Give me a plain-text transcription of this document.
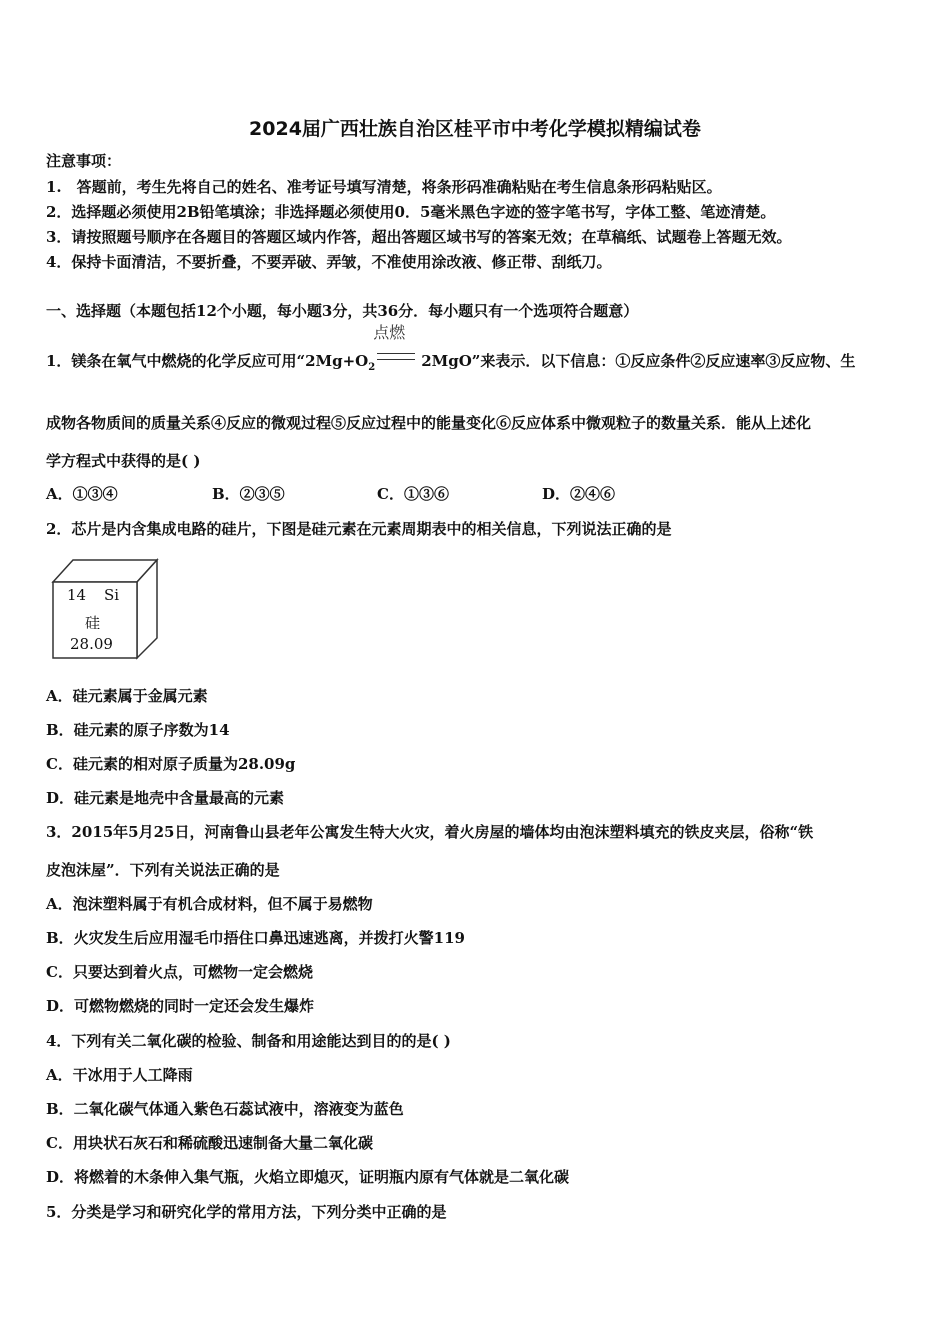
2024届广西壮族自治区桂平市中考化学模拟精编试卷
注意事项：
1.　答题前，考生先将自己的姓名、准考证号填写清楚，将条形码准确粘贴在考生信息条形码粘贴区。
2．选择题必须使用2B铅笔填涂；非选择题必须使用0．5毫米黑色字迹的签字笔书写，字体工整、笔迹清楚。
3．请按照题号顺序在各题目的答题区域内作答，超出答题区域书写的答案无效；在草稿纸、试题卷上答题无效。
4．保持卡面清洁，不要折叠，不要弄破、弄皱，不准使用涂改液、修正带、刮纸刀。
一、选择题（本题包括12个小题，每小题3分，共36分．每小题只有一个选项符合题意）
1．镁条在氧气中燃烧的化学反应可用“$2Mg+O_2$
点燃
2MgO”来表示．以下信息：①反应条件②反应速率③反应物、生
成物各物质间的质量关系④反应的微观过程⑤反应过程中的能量变化⑥反应体系中微观粒子的数量关系．能从上述化
学方程式中获得的是( )
A．①③④	B．②③⑤	C．①③⑥	D．②④⑥
2．芯片是内含集成电路的硅片，下图是硅元素在元素周期表中的相关信息，下列说法正确的是
14 Si
硅
28.09
A．硅元素属于金属元素
B．硅元素的原子序数为14
C．硅元素的相对原子质量为28.09g
D．硅元素是地壳中含量最高的元素
3．2015年5月25日，河南鲁山县老年公寓发生特大火灾，着火房屋的墙体均由泡沫塑料填充的铁皮夹层，俗称“铁
皮泡沫屋”．下列有关说法正确的是
A．泡沫塑料属于有机合成材料，但不属于易燃物
B．火灾发生后应用湿毛巾捂住口鼻迅速逃离，并拨打火警119
C．只要达到着火点，可燃物一定会燃烧
D．可燃物燃烧的同时一定还会发生爆炸
4．下列有关二氧化碳的检验、制备和用途能达到目的的是( )
A．干冰用于人工降雨
B．二氧化碳气体通入紫色石蕊试液中，溶液变为蓝色
C．用块状石灰石和稀硫酸迅速制备大量二氧化碳
D．将燃着的木条伸入集气瓶，火焰立即熄灭，证明瓶内原有气体就是二氧化碳
5．分类是学习和研究化学的常用方法，下列分类中正确的是
